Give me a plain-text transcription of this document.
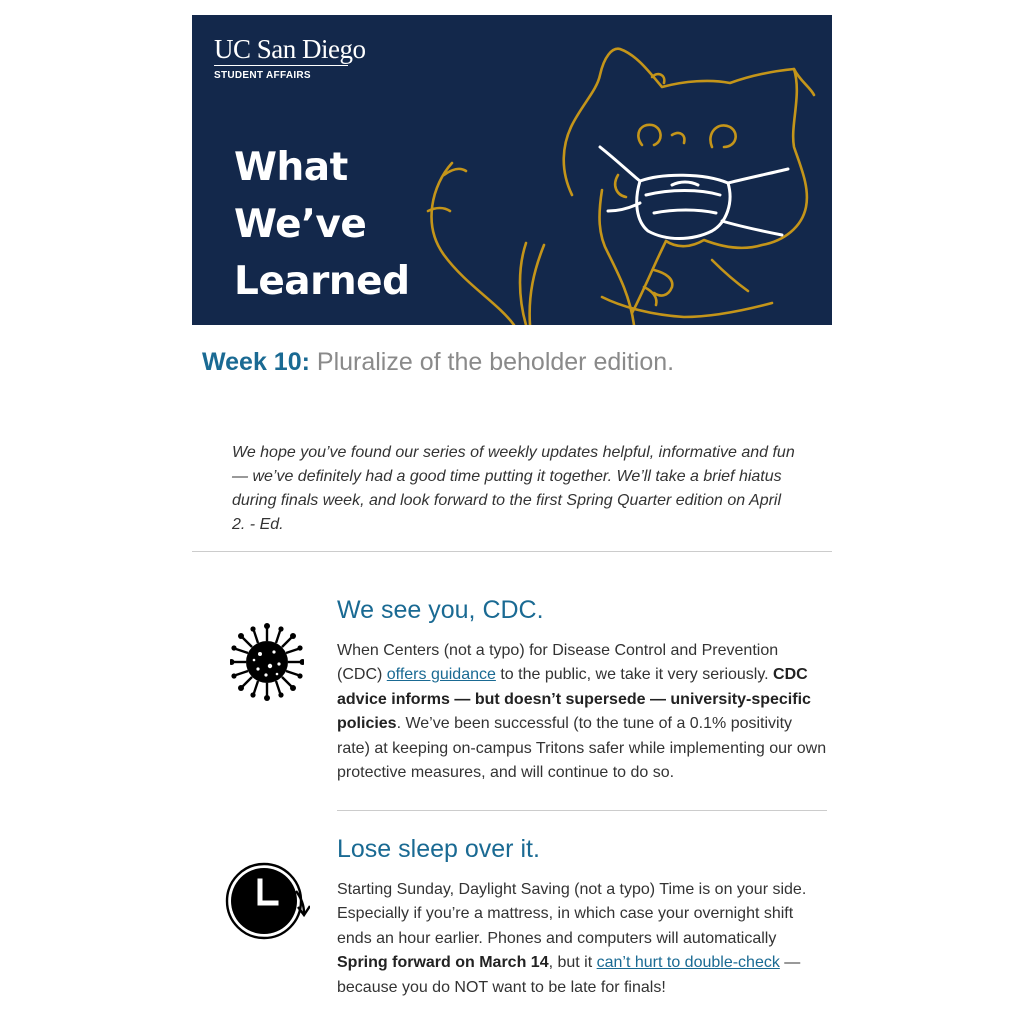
UC San Diego
STUDENT AFFAIRS
What
We’ve
Learned
Week 10: Pluralize of the beholder edition.

We hope you’ve found our series of weekly updates helpful, informative and fun — we’ve definitely had a good time putting it together. We’ll take a brief hiatus during finals week, and look forward to the first Spring Quarter edition on April 2. - Ed.

We see you, CDC.

When Centers (not a typo) for Disease Control and Prevention (CDC) offers guidance to the public, we take it very seriously. CDC advice informs — but doesn’t supersede — university-specific policies. We’ve been successful (to the tune of a 0.1% positivity rate) at keeping on-campus Tritons safer while implementing our own protective measures, and will continue to do so.

Lose sleep over it.

Starting Sunday, Daylight Saving (not a typo) Time is on your side. Especially if you’re a mattress, in which case your overnight shift ends an hour earlier. Phones and computers will automatically Spring forward on March 14, but it can’t hurt to double-check — because you do NOT want to be late for finals!
